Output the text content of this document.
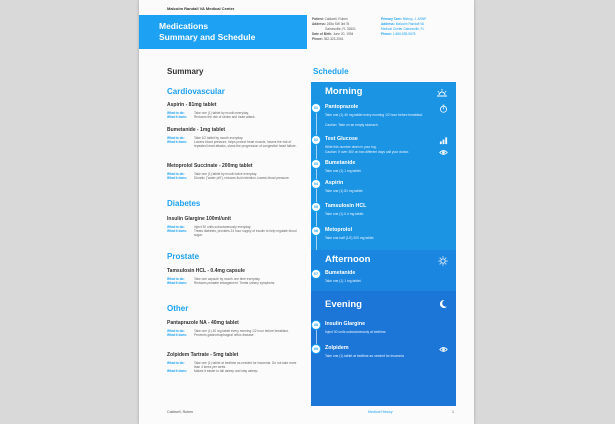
Malcolm Randall VA Medical Center
Medications
Summary and Schedule
Patient: Caldwell, Ruben
Address: 245a SW 3rd St
Gainesville, FL 32601
Date of Birth: June 20, 1994
Phone: 352-323-2061
Primary Care: Bishop, J. ARNP
Address: Malcolm Randall VA
Medical Center Gainesville, FL
Phone: 1-888-555-5678
Summary	Schedule
Cardiovascular
Aspirin - 81mg tablet
What to do:	Take one (1) tablet by mouth everyday.
What it does:	Reduces the risk of stroke and heart attack.
Bumetanide - 1mg tablet
What to do:	Take 1/2 tablet by mouth everyday.
What it does:	Lowers blood pressure, helps protect heart muscle, lowers the risk of repeated heart attacks, slows the progression of congestive heart failure.
Metoprolol Succinate - 200mg tablet
What to do:	Take one (1) tablet by mouth twice everyday.
What it does:	Diuretic ("water pill"), reduces fluid retention, lowers blood pressure.
Diabetes
Insulin Glargine 100ml/unit
What to do:	Inject 30 units subcutaneously everyday.
What it does:	Treats diabetes, provides 24 hour supply of insulin to help regulate blood sugar.
Prostate
Tamsulosin HCL - 0.4mg capsule
What to do:	Take one capsule by mouth one time everyday.
What it does:	Reduces prostate enlargement. Treats urinary symptoms.
Other
Pantaprazole NA - 40mg tablet
What to do:	Take one (1) 40 mg tablet every morning 1/2 hour before breakfast.
What it does:	Prevents gastroesophageal reflux disease.
Zolpidem Tartrate - 5mg tablet
What to do:	Take one (1) tablet at bedtime as needed for insomnia. Do not take more than 4 times per week.
What it does:	Makes it easier to fall asleep and stay asleep.
Morning
01	Pantoprazole
Take one (1) 40 mg tablet every morning 1/2 hour before breakfast.
Caution: Take on an empty stomach.
02	Test Glucose
Write this number down in your log.
Caution: If over 300 on two different days call your doctor.
03	Bumetanide
Take one (1) 1 mg tablet.
04	Aspirin
Take one (1) 81 mg tablet.
05	Tamsulosin HCL
Take one (1) 0.4 mg tablet.
06	Metoprolol
Take one-half (1/2) 200 mg tablet.
Afternoon
07	Bumetanide
Take one (1) 1 mg tablet.
Evening
08	Insulin Glargine
Inject 30 units subcutaneously at bedtime.
09	Zolpidem
Take one (1) tablet at bedtime as needed for insomnia
Caldwell, Ruben	Medical History	1
